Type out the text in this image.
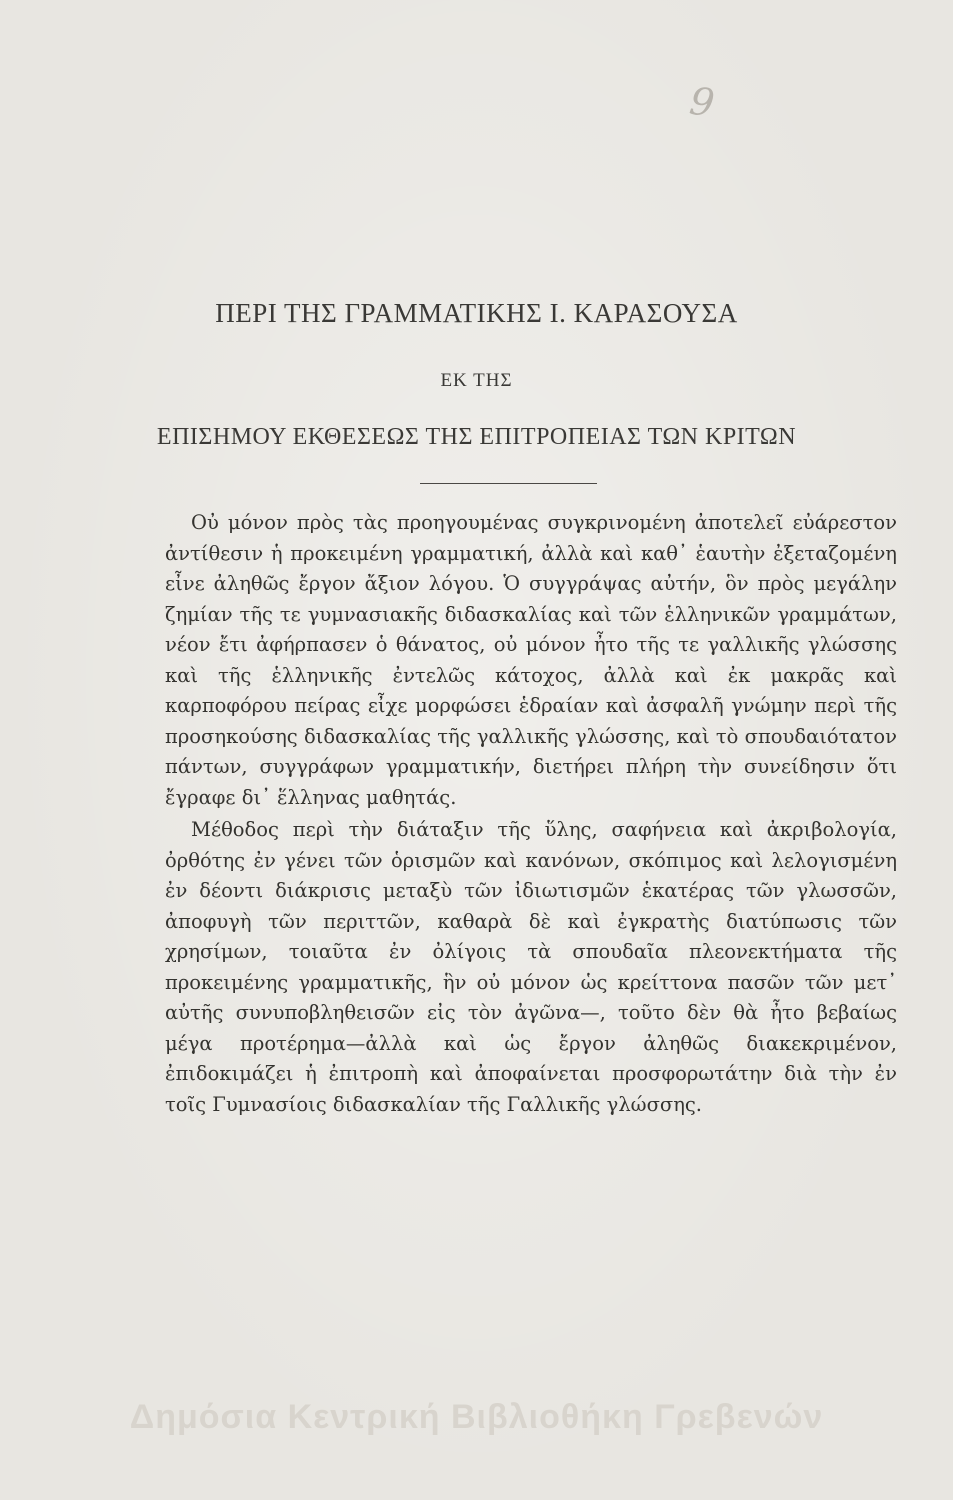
9
ΠΕΡΙ ΤΗΣ ΓΡΑΜΜΑΤΙΚΗΣ Ι. ΚΑΡΑΣΟΥΣΑ
ΕΚ ΤΗΣ
ΕΠΙΣΗΜΟΥ ΕΚΘΕΣΕΩΣ ΤΗΣ ΕΠΙΤΡΟΠΕΙΑΣ ΤΩΝ ΚΡΙΤΩΝ

Οὐ μόνον πρὸς τὰς προηγουμένας συγκρινομένη ἀποτελεῖ εὐάρεστον ἀντίθεσιν ἡ προκειμένη γραμματική, ἀλλὰ καὶ καθ᾽ ἑαυτὴν ἐξεταζομένη εἶνε ἀληθῶς ἔργον ἄξιον λόγου. Ὁ συγγράψας αὐτήν, ὃν πρὸς μεγάλην ζημίαν τῆς τε γυμνασιακῆς διδασκαλίας καὶ τῶν ἑλληνικῶν γραμμάτων, νέον ἔτι ἀφήρπασεν ὁ θάνατος, οὐ μόνον ἦτο τῆς τε γαλλικῆς γλώσσης καὶ τῆς ἑλληνικῆς ἐντελῶς κάτοχος, ἀλλὰ καὶ ἐκ μακρᾶς καὶ καρποφόρου πείρας εἶχε μορφώσει ἑδραίαν καὶ ἀσφαλῆ γνώμην περὶ τῆς προσηκούσης διδασκαλίας τῆς γαλλικῆς γλώσσης, καὶ τὸ σπουδαιότατον πάντων, συγγράφων γραμματικήν, διετήρει πλήρη τὴν συνείδησιν ὅτι ἔγραφε δι᾽ ἕλληνας μαθητάς.

Μέθοδος περὶ τὴν διάταξιν τῆς ὕλης, σαφήνεια καὶ ἀκριβολογία, ὀρθότης ἐν γένει τῶν ὁρισμῶν καὶ κανόνων, σκόπιμος καὶ λελογισμένη ἐν δέοντι διάκρισις μεταξὺ τῶν ἰδιωτισμῶν ἑκατέρας τῶν γλωσσῶν, ἀποφυγὴ τῶν περιττῶν, καθαρὰ δὲ καὶ ἐγκρατὴς διατύπωσις τῶν χρησίμων, τοιαῦτα ἐν ὀλίγοις τὰ σπουδαῖα πλεονεκτήματα τῆς προκειμένης γραμματικῆς, ἣν οὐ μόνον ὡς κρείττονα πασῶν τῶν μετ᾽ αὐτῆς συνυποβληθεισῶν εἰς τὸν ἀγῶνα—, τοῦτο δὲν θὰ ἦτο βεβαίως μέγα προτέρημα—ἀλλὰ καὶ ὡς ἔργον ἀληθῶς διακεκριμένον, ἐπιδοκιμάζει ἡ ἐπιτροπὴ καὶ ἀποφαίνεται προσφορωτάτην διὰ τὴν ἐν τοῖς Γυμνασίοις διδασκαλίαν τῆς Γαλλικῆς γλώσσης.

Δημόσια Κεντρική Βιβλιοθήκη Γρεβενών
